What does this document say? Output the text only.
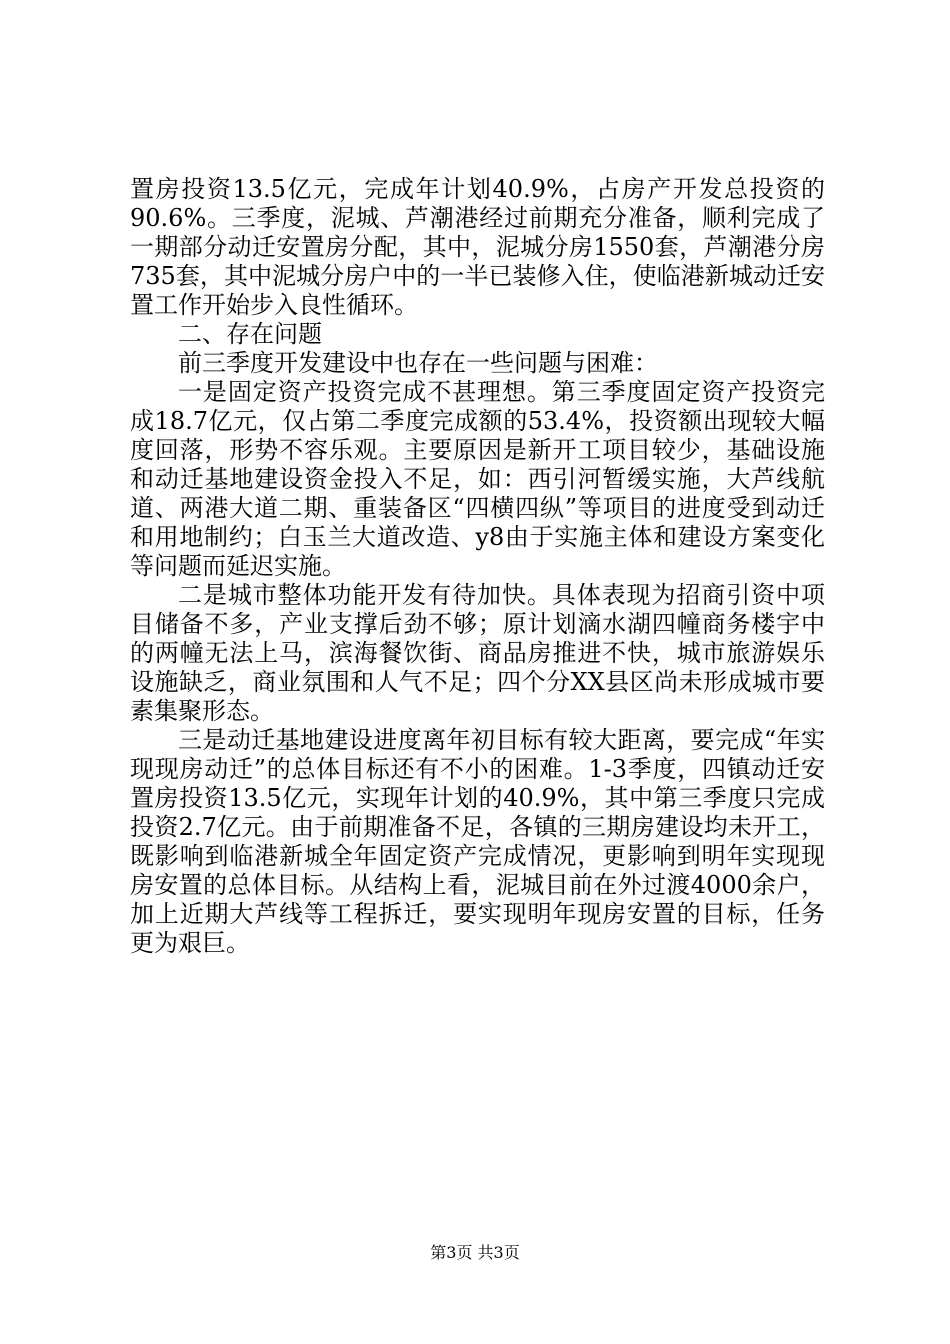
置房投资13.5亿元，完成年计划40.9%，占房产开发总投资的90.6%。三季度，泥城、芦潮港经过前期充分准备，顺利完成了一期部分动迁安置房分配，其中，泥城分房1550套，芦潮港分房735套，其中泥城分房户中的一半已装修入住，使临港新城动迁安置工作开始步入良性循环。

二、存在问题

前三季度开发建设中也存在一些问题与困难：

一是固定资产投资完成不甚理想。第三季度固定资产投资完成18.7亿元，仅占第二季度完成额的53.4%，投资额出现较大幅度回落，形势不容乐观。主要原因是新开工项目较少，基础设施和动迁基地建设资金投入不足，如：西引河暂缓实施，大芦线航道、两港大道二期、重装备区“四横四纵”等项目的进度受到动迁和用地制约；白玉兰大道改造、y8由于实施主体和建设方案变化等问题而延迟实施。

二是城市整体功能开发有待加快。具体表现为招商引资中项目储备不多，产业支撑后劲不够；原计划滴水湖四幢商务楼宇中的两幢无法上马，滨海餐饮街、商品房推进不快，城市旅游娱乐设施缺乏，商业氛围和人气不足；四个分XX县区尚未形成城市要素集聚形态。

三是动迁基地建设进度离年初目标有较大距离，要完成“年实现现房动迁”的总体目标还有不小的困难。1-3季度，四镇动迁安置房投资13.5亿元，实现年计划的40.9%，其中第三季度只完成投资2.7亿元。由于前期准备不足，各镇的三期房建设均未开工，既影响到临港新城全年固定资产完成情况，更影响到明年实现现房安置的总体目标。从结构上看，泥城目前在外过渡4000余户，加上近期大芦线等工程拆迁，要实现明年现房安置的目标，任务更为艰巨。

第3页 共3页
